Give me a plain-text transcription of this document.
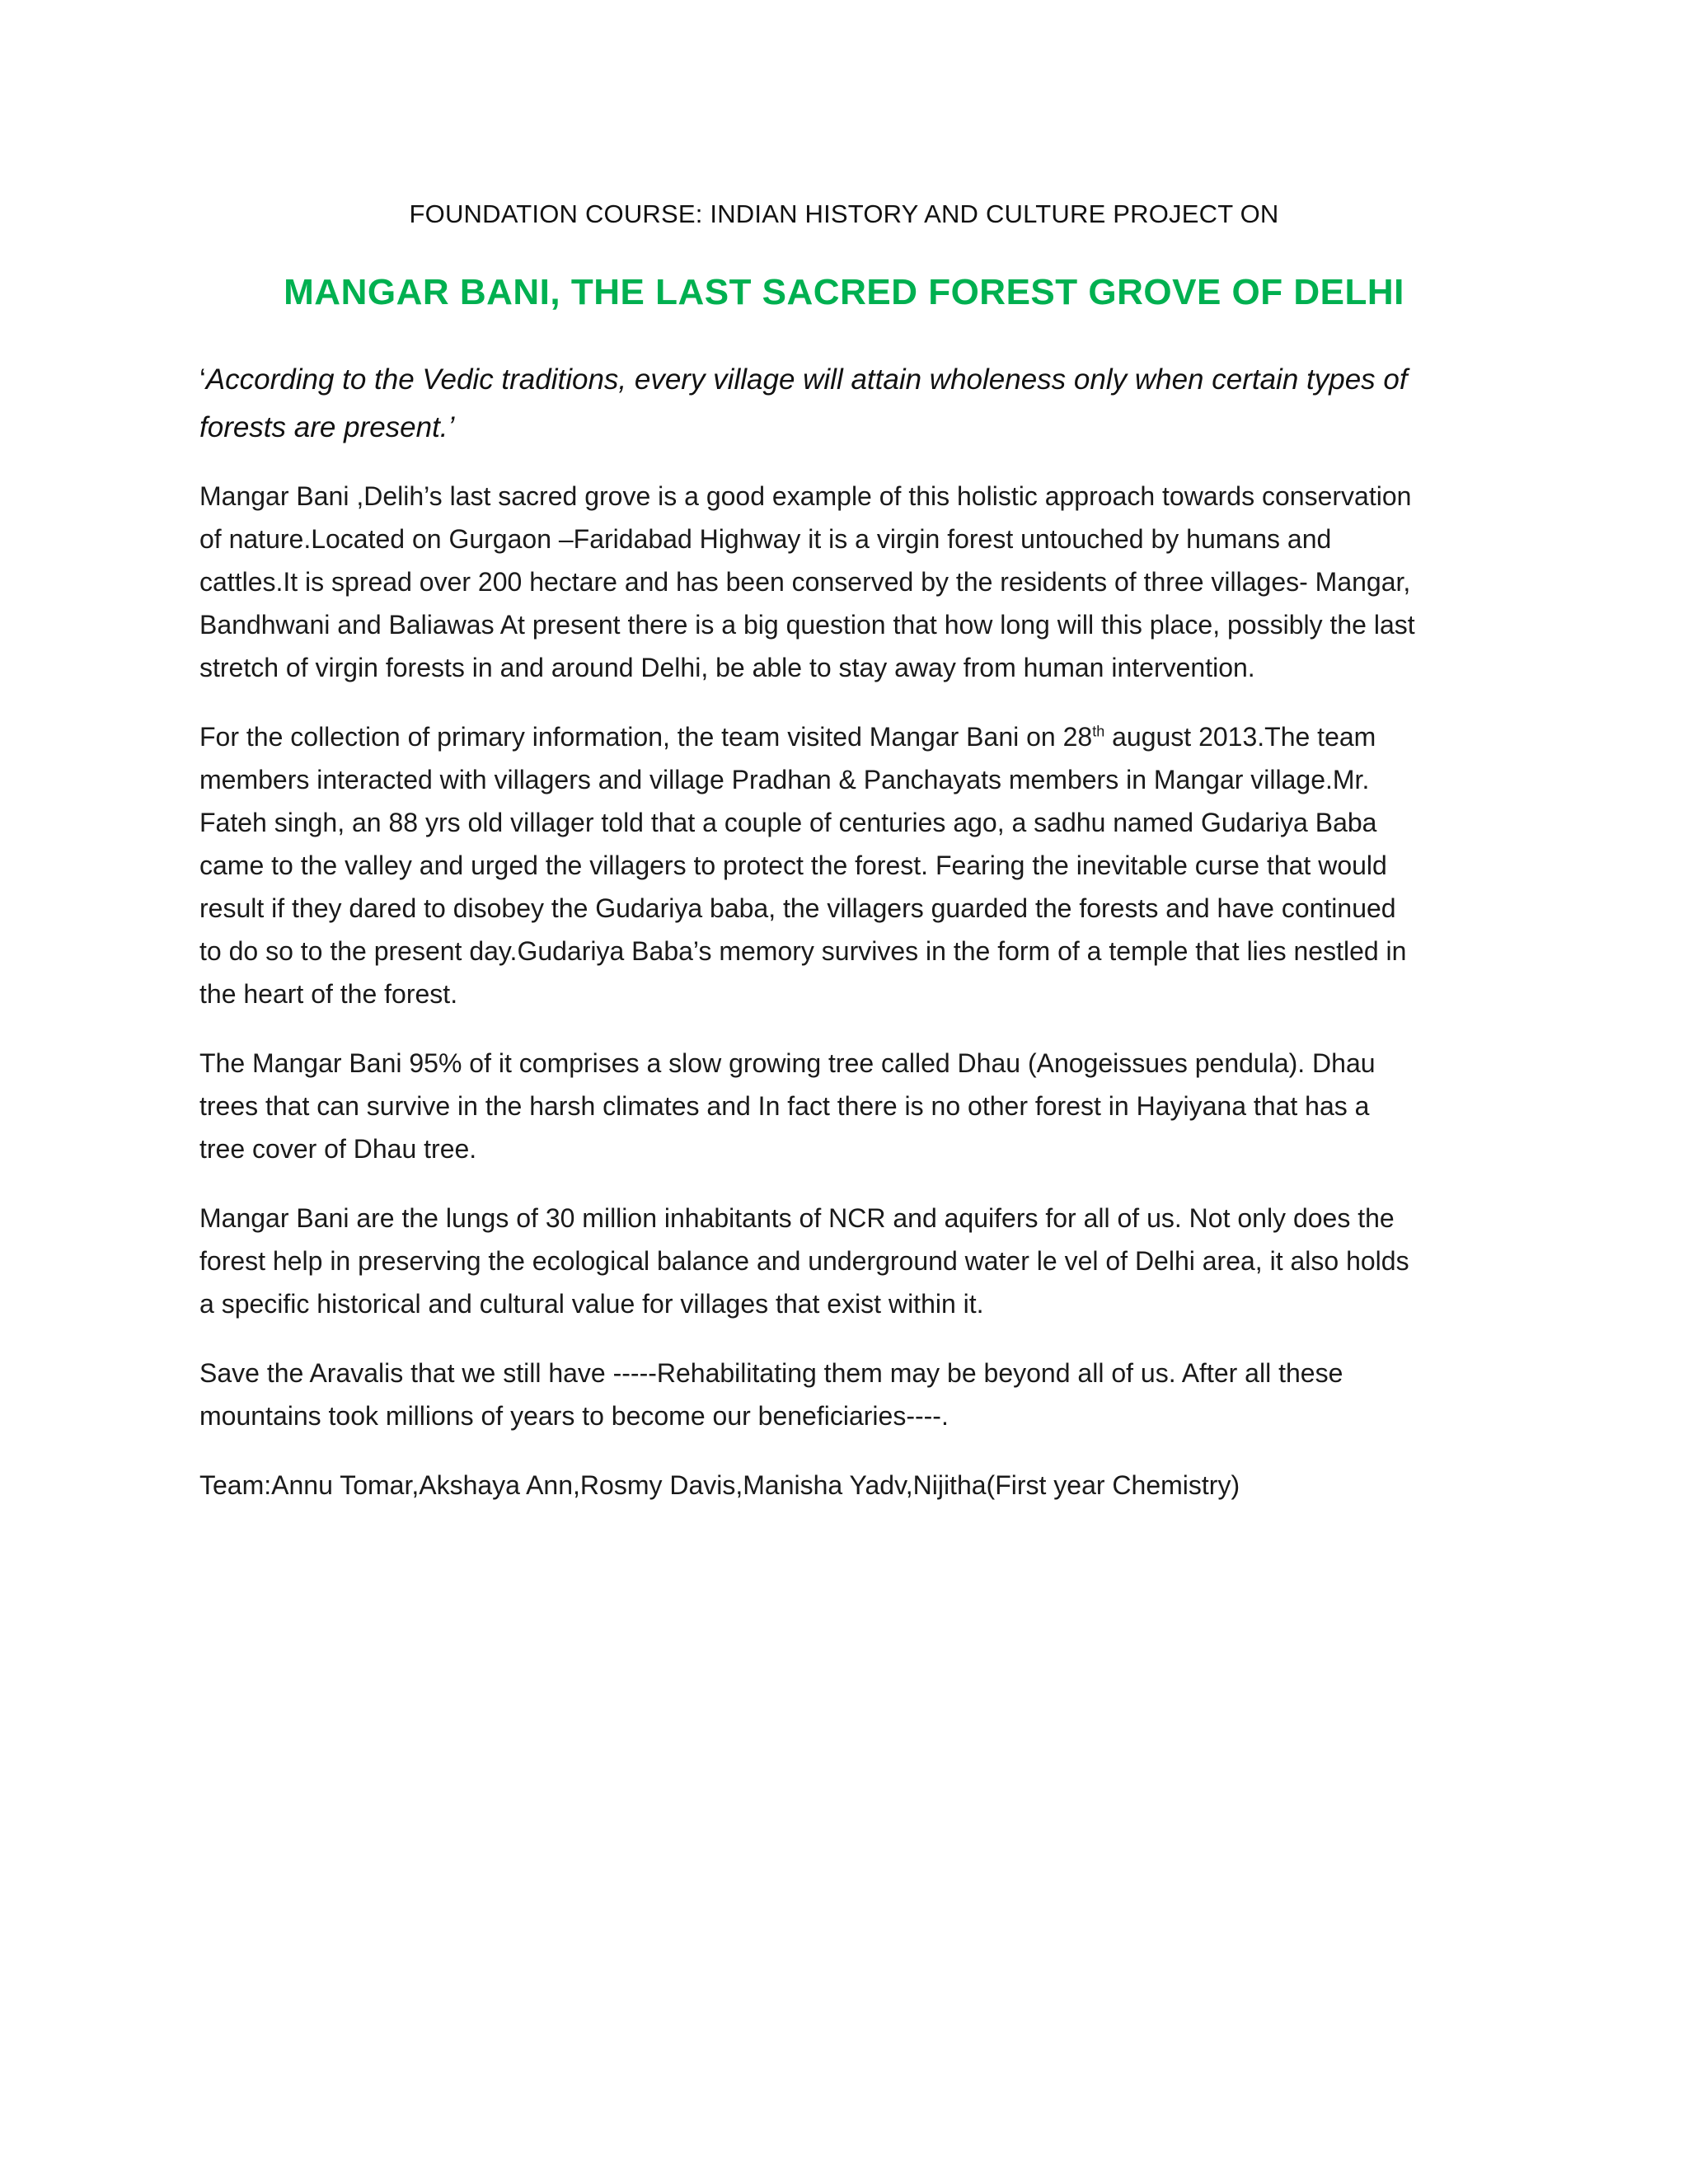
FOUNDATION COURSE: INDIAN HISTORY AND CULTURE PROJECT ON
MANGAR BANI, THE LAST SACRED FOREST GROVE OF DELHI
‘According to the Vedic traditions, every village will attain wholeness only when certain types of
forests are present.’
Mangar Bani ,Delih’s last sacred grove is a good example of this holistic approach towards conservation
of nature.Located on Gurgaon –Faridabad Highway it is a virgin forest untouched by humans and
cattles.It is spread over 200 hectare and has been conserved by the residents of three villages- Mangar,
Bandhwani and Baliawas At present there is a big question that how long will this place, possibly the last
stretch of virgin forests in and around Delhi, be able to stay away from human intervention.
For the collection of primary information, the team visited Mangar Bani on 28th august 2013.The team
members interacted with villagers and village Pradhan & Panchayats members in Mangar village.Mr.
Fateh singh, an 88 yrs old villager told that a couple of centuries ago, a sadhu named Gudariya Baba
came to the valley and urged the villagers to protect the forest. Fearing the inevitable curse that would
result if they dared to disobey the Gudariya baba, the villagers guarded the forests and have continued
to do so to the present day.Gudariya Baba’s memory survives in the form of a temple that lies nestled in
the heart of the forest.
The Mangar Bani 95% of it comprises a slow growing tree called Dhau (Anogeissues pendula). Dhau
trees that can survive in the harsh climates and In fact there is no other forest in Hayiyana that has a
tree cover of Dhau tree.
Mangar Bani are the lungs of 30 million inhabitants of NCR and aquifers for all of us. Not only does the
forest help in preserving the ecological balance and underground water le vel of Delhi area, it also holds
a specific historical and cultural value for villages that exist within it.
Save the Aravalis that we still have -----Rehabilitating them may be beyond all of us. After all these
mountains took millions of years to become our beneficiaries----.
Team:Annu Tomar,Akshaya Ann,Rosmy Davis,Manisha Yadv,Nijitha(First year Chemistry)
